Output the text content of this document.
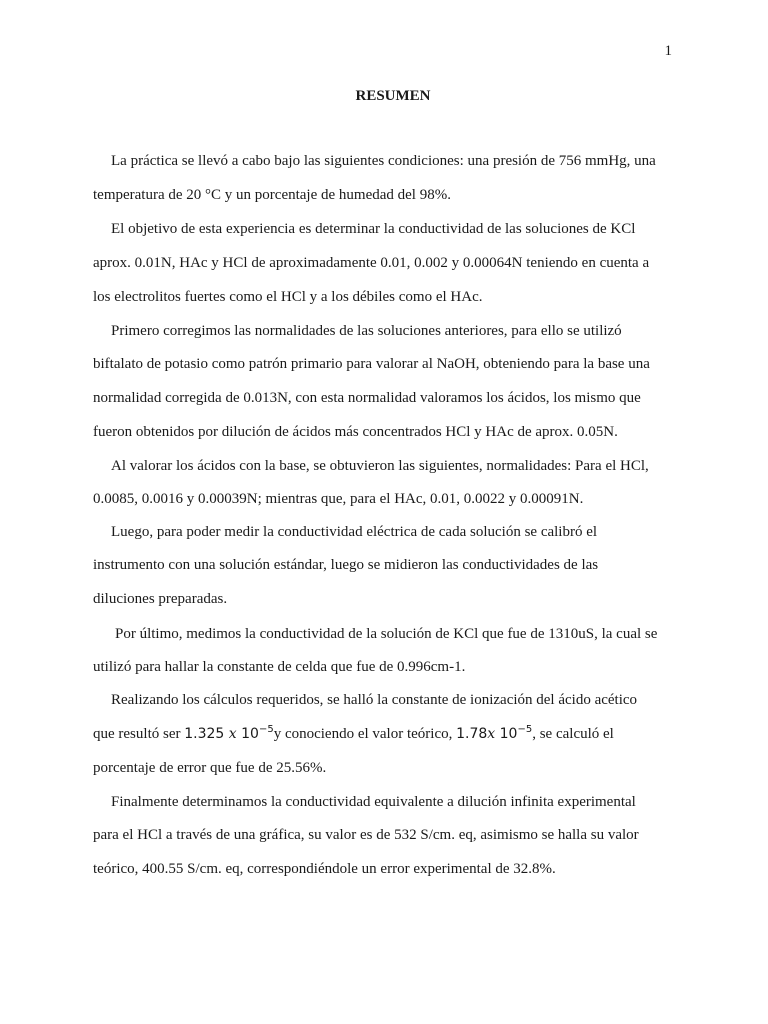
1
RESUMEN
La práctica se llevó a cabo bajo las siguientes condiciones: una presión de 756 mmHg, una
temperatura de 20 °C y un porcentaje de humedad del 98%.
El objetivo de esta experiencia es determinar la conductividad de las soluciones de KCl
aprox. 0.01N, HAc y HCl de aproximadamente 0.01, 0.002 y 0.00064N teniendo en cuenta a
los electrolitos fuertes como el HCl y a los débiles como el HAc.
Primero corregimos las normalidades de las soluciones anteriores, para ello se utilizó
biftalato de potasio como patrón primario para valorar al NaOH, obteniendo para la base una
normalidad corregida de 0.013N, con esta normalidad valoramos los ácidos, los mismo que
fueron obtenidos por dilución de ácidos más concentrados HCl y HAc de aprox. 0.05N.
Al valorar los ácidos con la base, se obtuvieron las siguientes, normalidades: Para el HCl,
0.0085, 0.0016 y 0.00039N; mientras que, para el HAc, 0.01, 0.0022 y 0.00091N.
Luego, para poder medir la conductividad eléctrica de cada solución se calibró el
instrumento con una solución estándar, luego se midieron las conductividades de las
diluciones preparadas.
Por último, medimos la conductividad de la solución de KCl que fue de 1310uS, la cual se
utilizó para hallar la constante de celda que fue de 0.996cm-1.
Realizando los cálculos requeridos, se halló la constante de ionización del ácido acético
que resultó ser 1.325 x $10^{-5}y$ conociendo el valor teórico, 1.78x $10^{-5}$, se calculó el
porcentaje de error que fue de 25.56%.
Finalmente determinamos la conductividad equivalente a dilución infinita experimental
para el HCl a través de una gráfica, su valor es de 532 S/cm. eq, asimismo se halla su valor
teórico, 400.55 S/cm. eq, correspondiéndole un error experimental de 32.8%.
